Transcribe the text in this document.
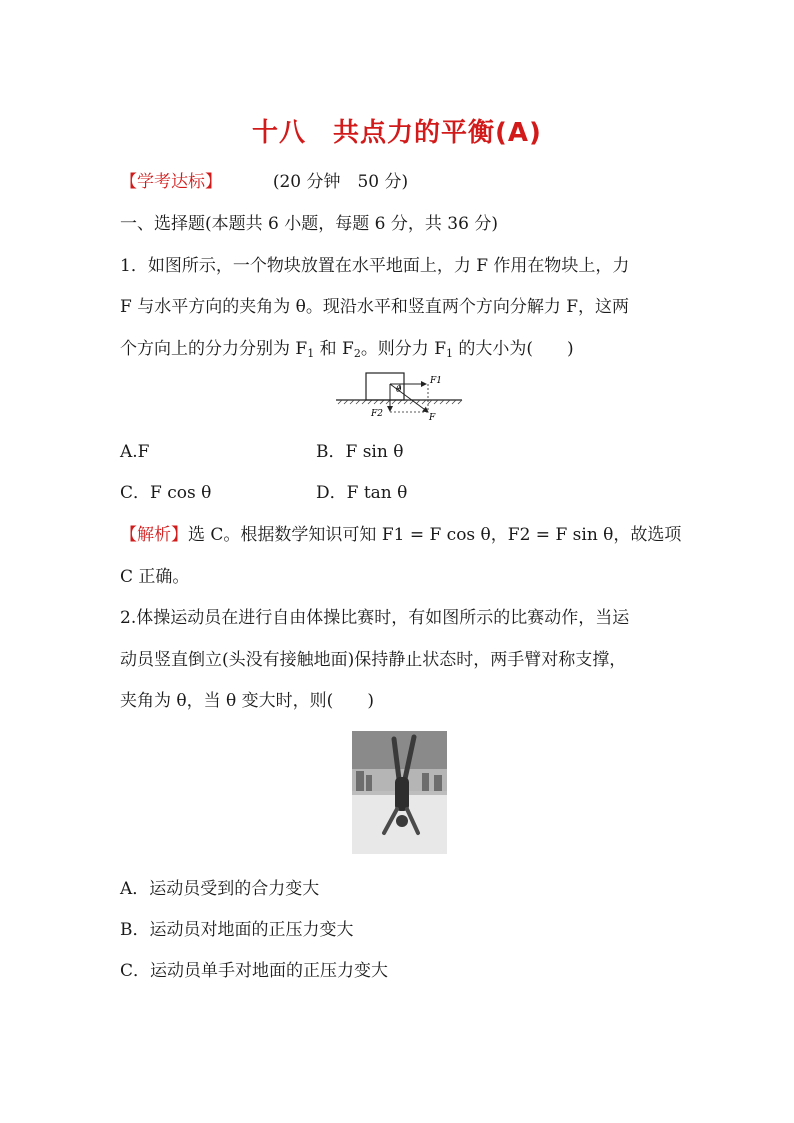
十八　共点力的平衡(A)
【学考达标】	(20 分钟　50 分)
一、选择题(本题共 6 小题，每题 6 分，共 36 分)
1．如图所示，一个物块放置在水平地面上，力 F 作用在物块上，力
F 与水平方向的夹角为 θ。现沿水平和竖直两个方向分解力 F，这两
个方向上的分力分别为 $F_1$ 和 $F_2$。则分力 $F_1$ 的大小为(　　)
θ
F1
F2	F
A.F	B．F sin θ
C．F cos θ	D．F tan θ
【解析】选 C。根据数学知识可知 F1 = F cos θ，F2 = F sin θ，故选项
C 正确。
2.体操运动员在进行自由体操比赛时，有如图所示的比赛动作，当运
动员竖直倒立(头没有接触地面)保持静止状态时，两手臂对称支撑，
夹角为 θ，当 θ 变大时，则(　　)
A．运动员受到的合力变大
B．运动员对地面的正压力变大
C．运动员单手对地面的正压力变大
